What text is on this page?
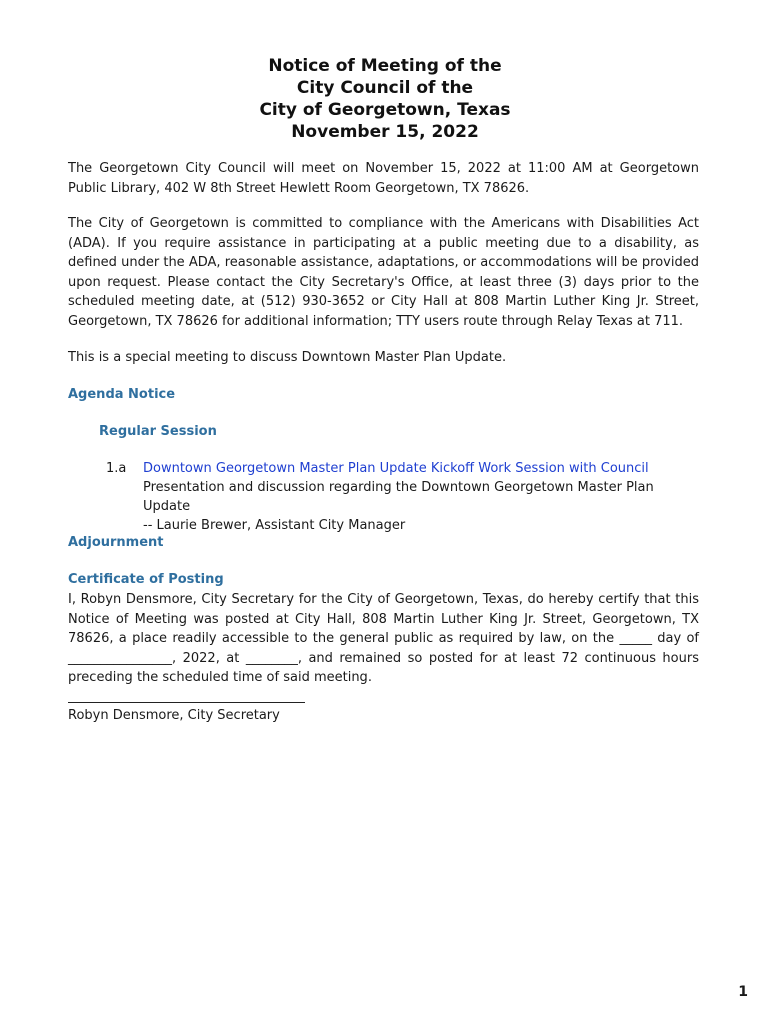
Notice of Meeting of the
City Council of the
City of Georgetown, Texas
November 15, 2022
The Georgetown City Council will meet on November 15, 2022 at 11:00 AM at Georgetown Public Library, 402 W 8th Street Hewlett Room Georgetown, TX 78626.
The City of Georgetown is committed to compliance with the Americans with Disabilities Act (ADA). If you require assistance in participating at a public meeting due to a disability, as defined under the ADA, reasonable assistance, adaptations, or accommodations will be provided upon request. Please contact the City Secretary's Office, at least three (3) days prior to the scheduled meeting date, at (512) 930-3652 or City Hall at 808 Martin Luther King Jr. Street, Georgetown, TX 78626 for additional information; TTY users route through Relay Texas at 711.
This is a special meeting to discuss Downtown Master Plan Update.
Agenda Notice
Regular Session
1.a Downtown Georgetown Master Plan Update Kickoff Work Session with Council
Presentation and discussion regarding the Downtown Georgetown Master Plan Update
-- Laurie Brewer, Assistant City Manager
Adjournment
Certificate of Posting
I, Robyn Densmore, City Secretary for the City of Georgetown, Texas, do hereby certify that this Notice of Meeting was posted at City Hall, 808 Martin Luther King Jr. Street, Georgetown, TX 78626, a place readily accessible to the general public as required by law, on the _____ day of ________________, 2022, at ________, and remained so posted for at least 72 continuous hours preceding the scheduled time of said meeting.
Robyn Densmore, City Secretary
1
